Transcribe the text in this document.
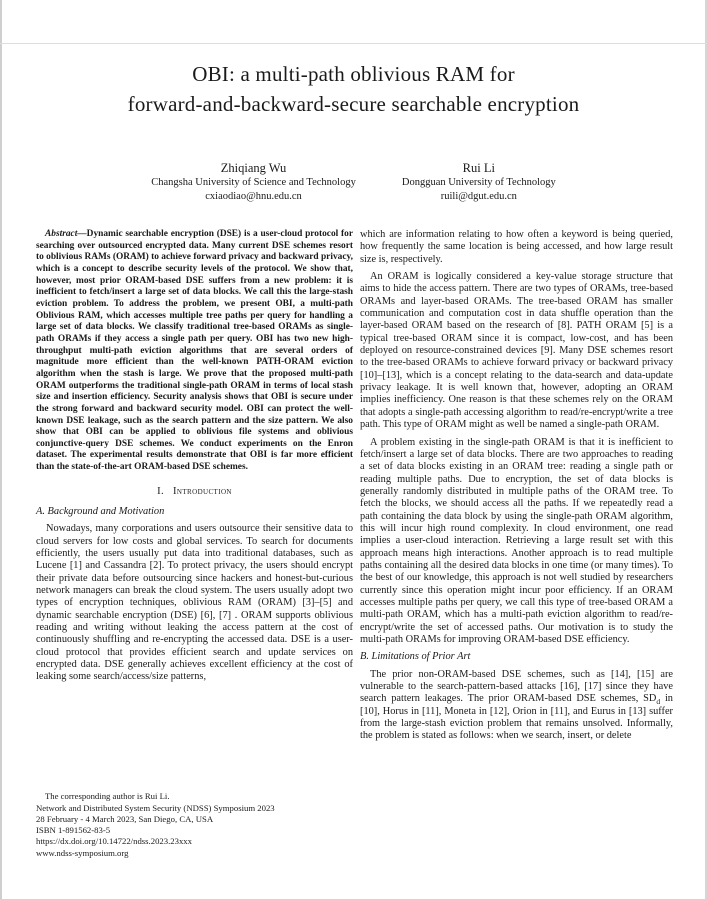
OBI: a multi-path oblivious RAM for
forward-and-backward-secure searchable encryption
Zhiqiang Wu
Changsha University of Science and Technology
cxiaodiao@hnu.edu.cn
Rui Li
Dongguan University of Technology
ruili@dgut.edu.cn

Abstract—Dynamic searchable encryption (DSE) is a user-cloud protocol for searching over outsourced encrypted data. Many current DSE schemes resort to oblivious RAMs (ORAM) to achieve forward privacy and backward privacy, which is a concept to describe security levels of the protocol. We show that, however, most prior ORAM-based DSE suffers from a new problem: it is inefficient to fetch/insert a large set of data blocks. We call this the large-stash eviction problem. To address the problem, we present OBI, a multi-path Oblivious RAM, which accesses multiple tree paths per query for handling a large set of data blocks. We classify traditional tree-based ORAMs as single-path ORAMs if they access a single path per query. OBI has two new high-throughput multi-path eviction algorithms that are several orders of magnitude more efficient than the well-known PATH-ORAM eviction algorithm when the stash is large. We prove that the proposed multi-path ORAM outperforms the traditional single-path ORAM in terms of local stash size and insertion efficiency. Security analysis shows that OBI is secure under the strong forward and backward security model. OBI can protect the well-known DSE leakage, such as the search pattern and the size pattern. We also show that OBI can be applied to oblivious file systems and oblivious conjunctive-query DSE schemes. We conduct experiments on the Enron dataset. The experimental results demonstrate that OBI is far more efficient than the state-of-the-art ORAM-based DSE schemes.

I. Introduction
A. Background and Motivation

Nowadays, many corporations and users outsource their sensitive data to cloud servers for low costs and global services. To search for documents efficiently, the users usually put data into traditional databases, such as Lucene [1] and Cassandra [2]. To protect privacy, the users should encrypt their private data before outsourcing since hackers and honest-but-curious network managers can break the cloud system. The users usually adopt two types of encryption techniques, oblivious RAM (ORAM) [3]–[5] and dynamic searchable encryption (DSE) [6], [7] . ORAM supports oblivious reading and writing without leaking the access pattern at the cost of continuously shuffling and re-encrypting the accessed data. DSE is a user-cloud protocol that provides efficient search and update services on encrypted data. DSE generally achieves excellent efficiency at the cost of leaking some search/access/size patterns,

The corresponding author is Rui Li.
Network and Distributed System Security (NDSS) Symposium 2023
28 February - 4 March 2023, San Diego, CA, USA
ISBN 1-891562-83-5
https://dx.doi.org/10.14722/ndss.2023.23xxx
www.ndss-symposium.org

which are information relating to how often a keyword is being queried, how frequently the same location is being accessed, and how large result size is, respectively.

An ORAM is logically considered a key-value storage structure that aims to hide the access pattern. There are two types of ORAMs, tree-based ORAMs and layer-based ORAMs. The tree-based ORAM has smaller communication and computation cost in data shuffle operation than the layer-based ORAM based on the research of [8]. PATH ORAM [5] is a typical tree-based ORAM since it is compact, low-cost, and has been deployed on resource-constrained devices [9]. Many DSE schemes resort to the tree-based ORAMs to achieve forward privacy or backward privacy [10]–[13], which is a concept relating to the data-search and data-update privacy leakage. It is well known that, however, adopting an ORAM implies inefficiency. One reason is that these schemes rely on the ORAM that adopts a single-path accessing algorithm to read/re-encrypt/write a tree path. This type of ORAM might as well be named a single-path ORAM.

A problem existing in the single-path ORAM is that it is inefficient to fetch/insert a large set of data blocks. There are two approaches to reading a set of data blocks existing in an ORAM tree: reading a single path or reading multiple paths. Due to encryption, the set of data blocks is generally randomly distributed in multiple paths of the ORAM tree. To fetch the blocks, we should access all the paths. If we repeatedly read a path containing the data block by using the single-path ORAM algorithm, this will incur high round complexity. In cloud environment, one read implies a user-cloud interaction. Retrieving a large result set with this approach means high interactions. Another approach is to read multiple paths containing all the desired data blocks in one time (or many times). To the best of our knowledge, this approach is not well studied by researchers currently since this operation might incur poor efficiency. If an ORAM accesses multiple paths per query, we call this type of tree-based ORAM a multi-path ORAM, which has a multi-path eviction algorithm to read/re-encrypt/write the set of accessed paths. Our motivation is to study the multi-path ORAMs for improving ORAM-based DSE efficiency.

B. Limitations of Prior Art

The prior non-ORAM-based DSE schemes, such as [14], [15] are vulnerable to the search-pattern-based attacks [16], [17] since they have search pattern leakages. The prior ORAM-based DSE schemes, $SD_d$ in [10], Horus in [11], Moneta in [12], Orion in [11], and Eurus in [13] suffer from the large-stash eviction problem that remains unsolved. Informally, the problem is stated as follows: when we search, insert, or delete
